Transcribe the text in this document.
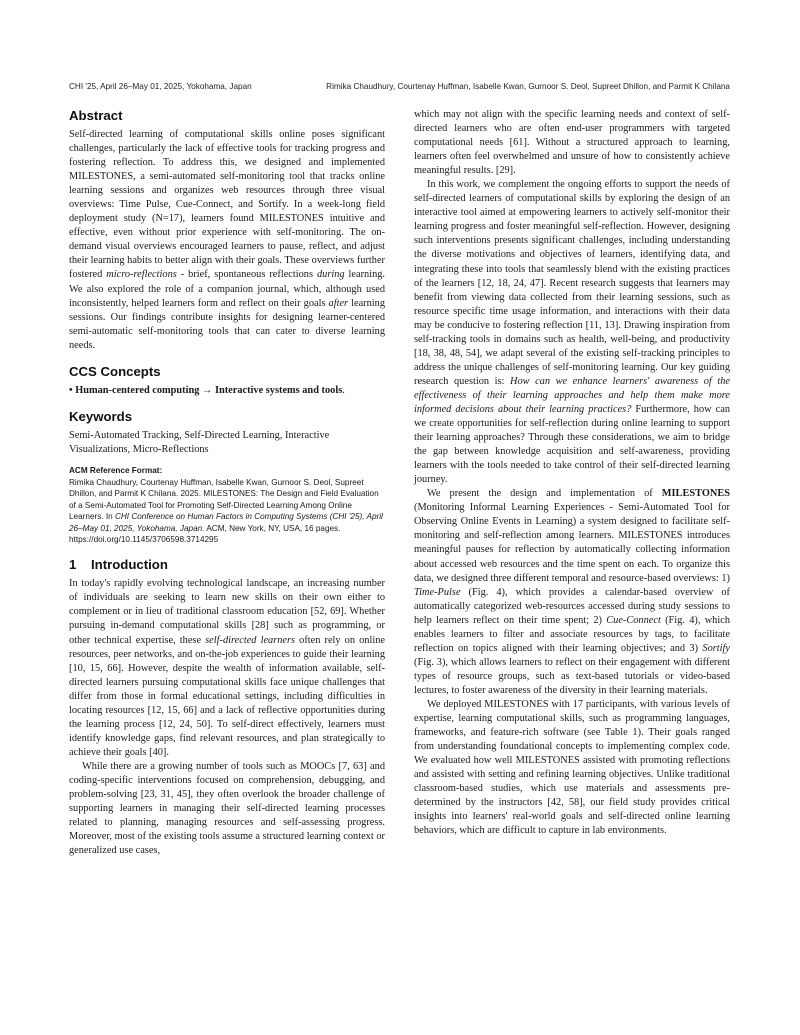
CHI '25, April 26–May 01, 2025, Yokohama, Japan	Rimika Chaudhury, Courtenay Huffman, Isabelle Kwan, Gurnoor S. Deol, Supreet Dhillon, and Parmit K Chilana
Abstract

Self-directed learning of computational skills online poses significant challenges, particularly the lack of effective tools for tracking progress and fostering reflection. To address this, we designed and implemented MILESTONES, a semi-automated self-monitoring tool that tracks online learning sessions and organizes web resources through three visual overviews: Time Pulse, Cue-Connect, and Sortify. In a week-long field deployment study (N=17), learners found MILESTONES intuitive and effective, even without prior experience with self-monitoring. The on-demand visual overviews encouraged learners to pause, reflect, and adjust their learning habits to better align with their goals. These overviews further fostered micro-reflections - brief, spontaneous reflections during learning. We also explored the role of a companion journal, which, although used inconsistently, helped learners form and reflect on their goals after learning sessions. Our findings contribute insights for designing learner-centered semi-automatic self-monitoring tools that can cater to diverse learning needs.

CCS Concepts

• Human-centered computing → Interactive systems and tools.

Keywords

Semi-Automated Tracking, Self-Directed Learning, Interactive Visualizations, Micro-Reflections

ACM Reference Format:

Rimika Chaudhury, Courtenay Huffman, Isabelle Kwan, Gurnoor S. Deol, Supreet Dhillon, and Parmit K Chilana. 2025. MILESTONES: The Design and Field Evaluation of a Semi-Automated Tool for Promoting Self-Directed Learning Among Online Learners. In CHI Conference on Human Factors in Computing Systems (CHI '25), April 26–May 01, 2025, Yokohama, Japan. ACM, New York, NY, USA, 16 pages. https://doi.org/10.1145/3706598.3714295

1 Introduction

In today's rapidly evolving technological landscape, an increasing number of individuals are seeking to learn new skills on their own either to complement or in lieu of traditional classroom education [52, 69]. Whether pursuing in-demand computational skills [28] such as programming, or other technical expertise, these self-directed learners often rely on online resources, peer networks, and on-the-job experiences to guide their learning [10, 15, 66]. However, despite the wealth of information available, self-directed learners pursuing computational skills face unique challenges that differ from those in formal educational settings, including difficulties in locating resources [12, 15, 66] and a lack of reflective opportunities during the learning process [12, 24, 50]. To self-direct effectively, learners must identify knowledge gaps, find relevant resources, and plan strategically to achieve their goals [40].

While there are a growing number of tools such as MOOCs [7, 63] and coding-specific interventions focused on comprehension, debugging, and problem-solving [23, 31, 45], they often overlook the broader challenge of supporting learners in managing their self-directed learning processes related to planning, managing resources and self-assessing progress. Moreover, most of the existing tools assume a structured learning context or generalized use cases,

which may not align with the specific learning needs and context of self-directed learners who are often end-user programmers with targeted computational needs [61]. Without a structured approach to learning, learners often feel overwhelmed and unsure of how to consistently achieve meaningful results. [29].

In this work, we complement the ongoing efforts to support the needs of self-directed learners of computational skills by exploring the design of an interactive tool aimed at empowering learners to actively self-monitor their learning progress and foster meaningful self-reflection. However, designing such interventions presents significant challenges, including understanding the diverse motivations and objectives of learners, identifying data, and integrating these into tools that seamlessly blend with the existing practices of the learners [12, 18, 24, 47]. Recent research suggests that learners may benefit from viewing data collected from their learning sessions, such as resource specific time usage information, and interactions with their data may be conducive to fostering reflection [11, 13]. Drawing inspiration from self-tracking tools in domains such as health, well-being, and productivity [18, 38, 48, 54], we adapt several of the existing self-tracking principles to address the unique challenges of self-monitoring learning. Our key guiding research question is: How can we enhance learners' awareness of the effectiveness of their learning approaches and help them make more informed decisions about their learning practices? Furthermore, how can we create opportunities for self-reflection during online learning to support their learning approaches? Through these considerations, we aim to bridge the gap between knowledge acquisition and self-awareness, providing learners with the tools needed to take control of their self-directed learning journey.

We present the design and implementation of MILESTONES (Monitoring Informal Learning Experiences - Semi-Automated Tool for Observing Online Events in Learning) a system designed to facilitate self-monitoring and self-reflection among learners. MILESTONES introduces meaningful pauses for reflection by automatically collecting information about accessed web resources and the time spent on each. To organize this data, we designed three different temporal and resource-based overviews: 1) Time-Pulse (Fig. 4), which provides a calendar-based overview of automatically categorized web-resources accessed during study sessions to help learners reflect on their time spent; 2) Cue-Connect (Fig. 4), which enables learners to filter and associate resources by tags, to facilitate reflection on topics aligned with their learning objectives; and 3) Sortify (Fig. 3), which allows learners to reflect on their engagement with different types of resource groups, such as text-based tutorials or video-based lectures, to foster awareness of the diversity in their learning materials.

We deployed MILESTONES with 17 participants, with various levels of expertise, learning computational skills, such as programming languages, frameworks, and feature-rich software (see Table 1). Their goals ranged from understanding foundational concepts to implementing complex code. We evaluated how well MILESTONES assisted with promoting reflections and assisted with setting and refining learning objectives. Unlike traditional classroom-based studies, which use materials and assessments pre-determined by the instructors [42, 58], our field study provides critical insights into learners' real-world goals and self-directed online learning behaviors, which are difficult to capture in lab environments.
